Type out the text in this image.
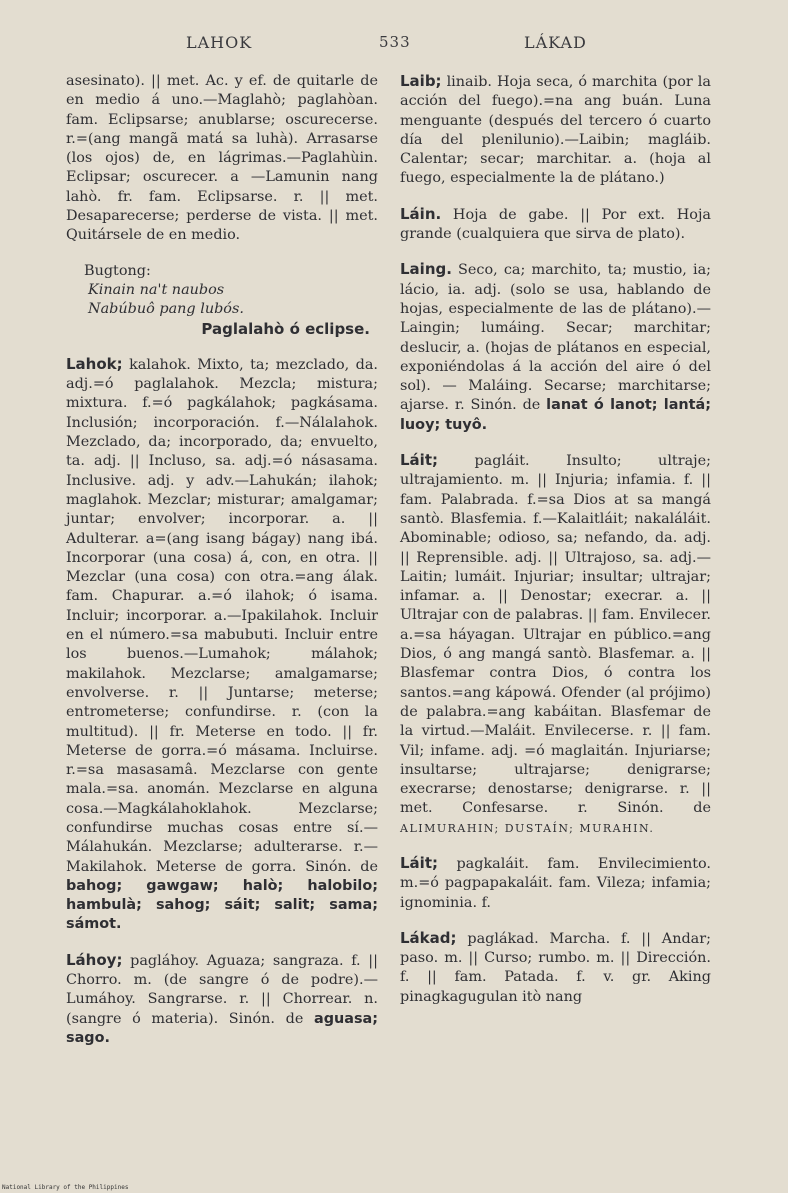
LAHOK	533	LÁKAD

asesinato). || met. Ac. y ef. de quitarle de en medio á uno.—Maglahò; paglahòan. fam. Eclipsarse; anublarse; oscurecerse. r.=(ang mangã matá sa luhà). Arrasarse (los ojos) de, en lágrimas.—Paglahùin. Eclipsar; oscurecer. a —Lamunin nang lahò. fr. fam. Eclipsarse. r. || met. Desaparecerse; perderse de vista. || met. Quitársele de en medio.

Bugtong:
Kinain na't naubos
Nabúbuô pang lubós.
Paglalahò ó eclipse.

Lahok; kalahok. Mixto, ta; mezclado, da. adj.=ó paglalahok. Mezcla; mistura; mixtura. f.=ó pagkálahok; pagkásama. Inclusión; incorporación. f.—Nálalahok. Mezclado, da; incorporado, da; envuelto, ta. adj. || Incluso, sa. adj.=ó násasama. Inclusive. adj. y adv.—Lahukán; ilahok; maglahok. Mezclar; misturar; amalgamar; juntar; envolver; incorporar. a. || Adulterar. a=(ang isang bágay) nang ibá. Incorporar (una cosa) á, con, en otra. || Mezclar (una cosa) con otra.=ang álak. fam. Chapurar. a.=ó ilahok; ó isama. Incluir; incorporar. a.—Ipakilahok. Incluir en el número.=sa mabubuti. Incluir entre los buenos.—Lumahok; málahok; makilahok. Mezclarse; amalgamarse; envolverse. r. || Juntarse; meterse; entrometerse; confundirse. r. (con la multitud). || fr. Meterse en todo. || fr. Meterse de gorra.=ó másama. Incluirse. r.=sa masasamâ. Mezclarse con gente mala.=sa. anomán. Mezclarse en alguna cosa.—Magkálahoklahok. Mezclarse; confundirse muchas cosas entre sí.—Málahukán. Mezclarse; adulterarse. r.—Makilahok. Meterse de gorra. Sinón. de bahog; gawgaw; halò; halobilo; hambulà; sahog; sáit; salit; sama; sámot.

Láhoy; pagláhoy. Aguaza; sangraza. f. || Chorro. m. (de sangre ó de podre).—Lumáhoy. Sangrarse. r. || Chorrear. n. (sangre ó materia). Sinón. de aguasa; sago.

Laib; linaib. Hoja seca, ó marchita (por la acción del fuego).=na ang buán. Luna menguante (después del tercero ó cuarto día del plenilunio).—Laibin; magláib. Calentar; secar; marchitar. a. (hoja al fuego, especialmente la de plátano.)

Láin. Hoja de gabe. || Por ext. Hoja grande (cualquiera que sirva de plato).

Laing. Seco, ca; marchito, ta; mustio, ia; lácio, ia. adj. (solo se usa, hablando de hojas, especialmente de las de plátano).—Laingin; lumáing. Secar; marchitar; deslucir, a. (hojas de plátanos en especial, exponiéndolas á la acción del aire ó del sol). — Maláing. Secarse; marchitarse; ajarse. r. Sinón. de lanat ó lanot; lantá; luoy; tuyô.

Láit; pagláit. Insulto; ultraje; ultrajamiento. m. || Injuria; infamia. f. || fam. Palabrada. f.=sa Dios at sa mangá santò. Blasfemia. f.—Kalaitláit; nakaláláit. Abominable; odioso, sa; nefando, da. adj. || Reprensible. adj. || Ultrajoso, sa. adj.—Laitin; lumáit. Injuriar; insultar; ultrajar; infamar. a. || Denostar; execrar. a. || Ultrajar con de palabras. || fam. Envilecer. a.=sa háyagan. Ultrajar en público.=ang Dios, ó ang mangá santò. Blasfemar. a. || Blasfemar contra Dios, ó contra los santos.=ang kápowá. Ofender (al prójimo) de palabra.=ang kabáitan. Blasfemar de la virtud.—Maláit. Envilecerse. r. || fam. Vil; infame. adj. =ó maglaitán. Injuriarse; insultarse; ultrajarse; denigrarse; execrarse; denostarse; denigrarse. r. || met. Confesarse. r. Sinón. de ALIMURAHIN; DUSTAÍN; MURAHIN.

Láit; pagkaláit. fam. Envilecimiento. m.=ó pagpapakaláit. fam. Vileza; infamia; ignominia. f.

Lákad; paglákad. Marcha. f. || Andar; paso. m. || Curso; rumbo. m. || Dirección. f. || fam. Patada. f. v. gr. Aking pinagkagugulan itò nang

National Library of the Philippines
